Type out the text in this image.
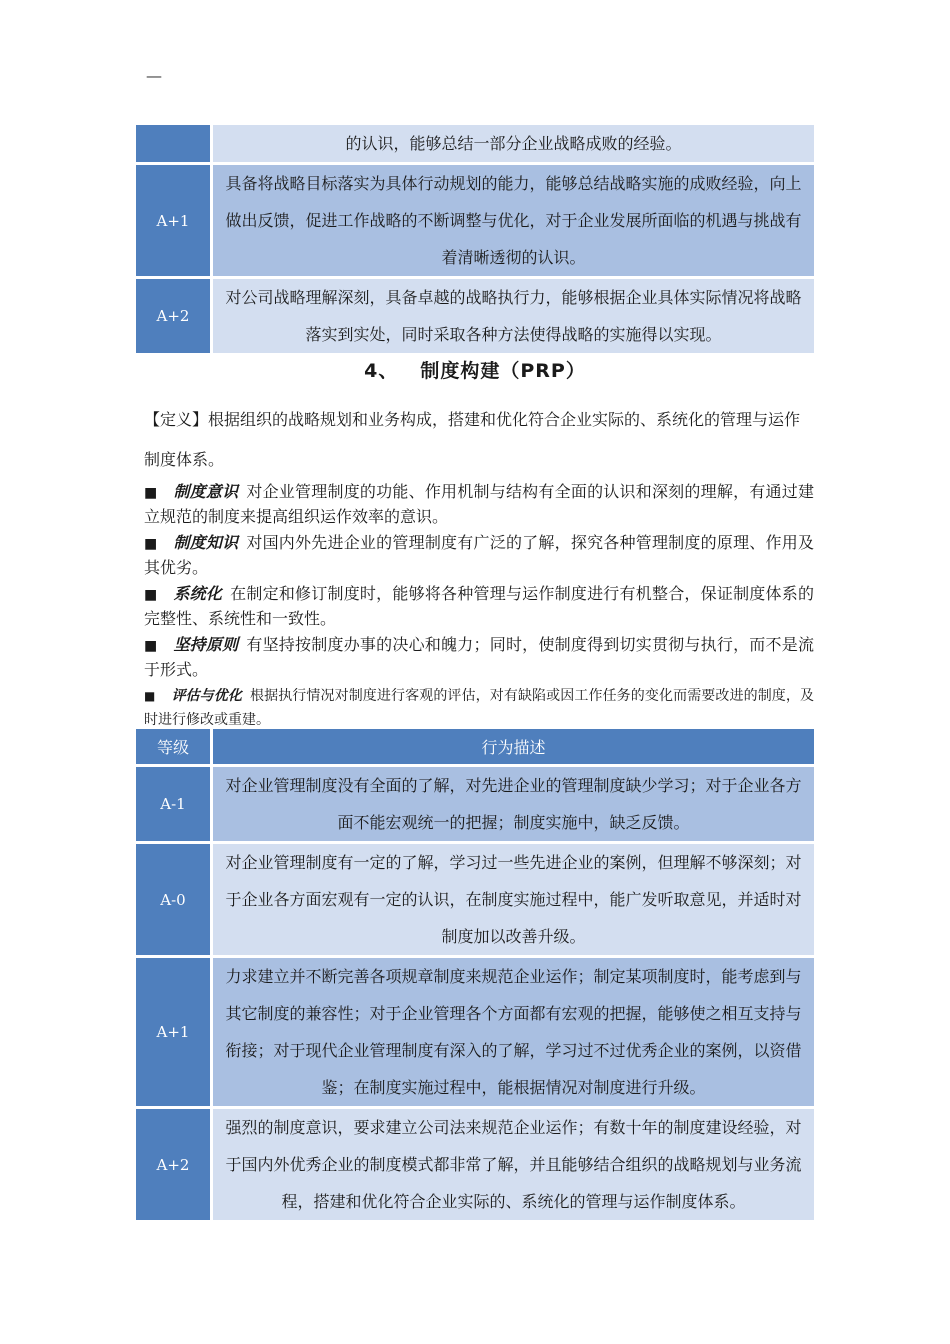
—
	的认识，能够总结一部分企业战略成败的经验。
A+1	具备将战略目标落实为具体行动规划的能力，能够总结战略实施的成败经验，向上做出反馈，促进工作战略的不断调整与优化，对于企业发展所面临的机遇与挑战有着清晰透彻的认识。
A+2	对公司战略理解深刻，具备卓越的战略执行力，能够根据企业具体实际情况将战略落实到实处，同时采取各种方法使得战略的实施得以实现。
4、 制度构建（PRP）
【定义】根据组织的战略规划和业务构成，搭建和优化符合企业实际的、系统化的管理与运作制度体系。
■ 制度意识 对企业管理制度的功能、作用机制与结构有全面的认识和深刻的理解，有通过建立规范的制度来提高组织运作效率的意识。
■ 制度知识 对国内外先进企业的管理制度有广泛的了解，探究各种管理制度的原理、作用及其优劣。
■ 系统化 在制定和修订制度时，能够将各种管理与运作制度进行有机整合，保证制度体系的完整性、系统性和一致性。
■ 坚持原则 有坚持按制度办事的决心和魄力；同时，使制度得到切实贯彻与执行，而不是流于形式。
■ 评估与优化 根据执行情况对制度进行客观的评估，对有缺陷或因工作任务的变化而需要改进的制度，及时进行修改或重建。
等级	行为描述
A-1	对企业管理制度没有全面的了解，对先进企业的管理制度缺少学习；对于企业各方面不能宏观统一的把握；制度实施中，缺乏反馈。
A-0	对企业管理制度有一定的了解，学习过一些先进企业的案例，但理解不够深刻；对于企业各方面宏观有一定的认识，在制度实施过程中，能广发听取意见，并适时对制度加以改善升级。
A+1	力求建立并不断完善各项规章制度来规范企业运作；制定某项制度时，能考虑到与其它制度的兼容性；对于企业管理各个方面都有宏观的把握，能够使之相互支持与衔接；对于现代企业管理制度有深入的了解，学习过不过优秀企业的案例，以资借鉴；在制度实施过程中，能根据情况对制度进行升级。
A+2	强烈的制度意识，要求建立公司法来规范企业运作；有数十年的制度建设经验，对于国内外优秀企业的制度模式都非常了解，并且能够结合组织的战略规划与业务流程，搭建和优化符合企业实际的、系统化的管理与运作制度体系。
